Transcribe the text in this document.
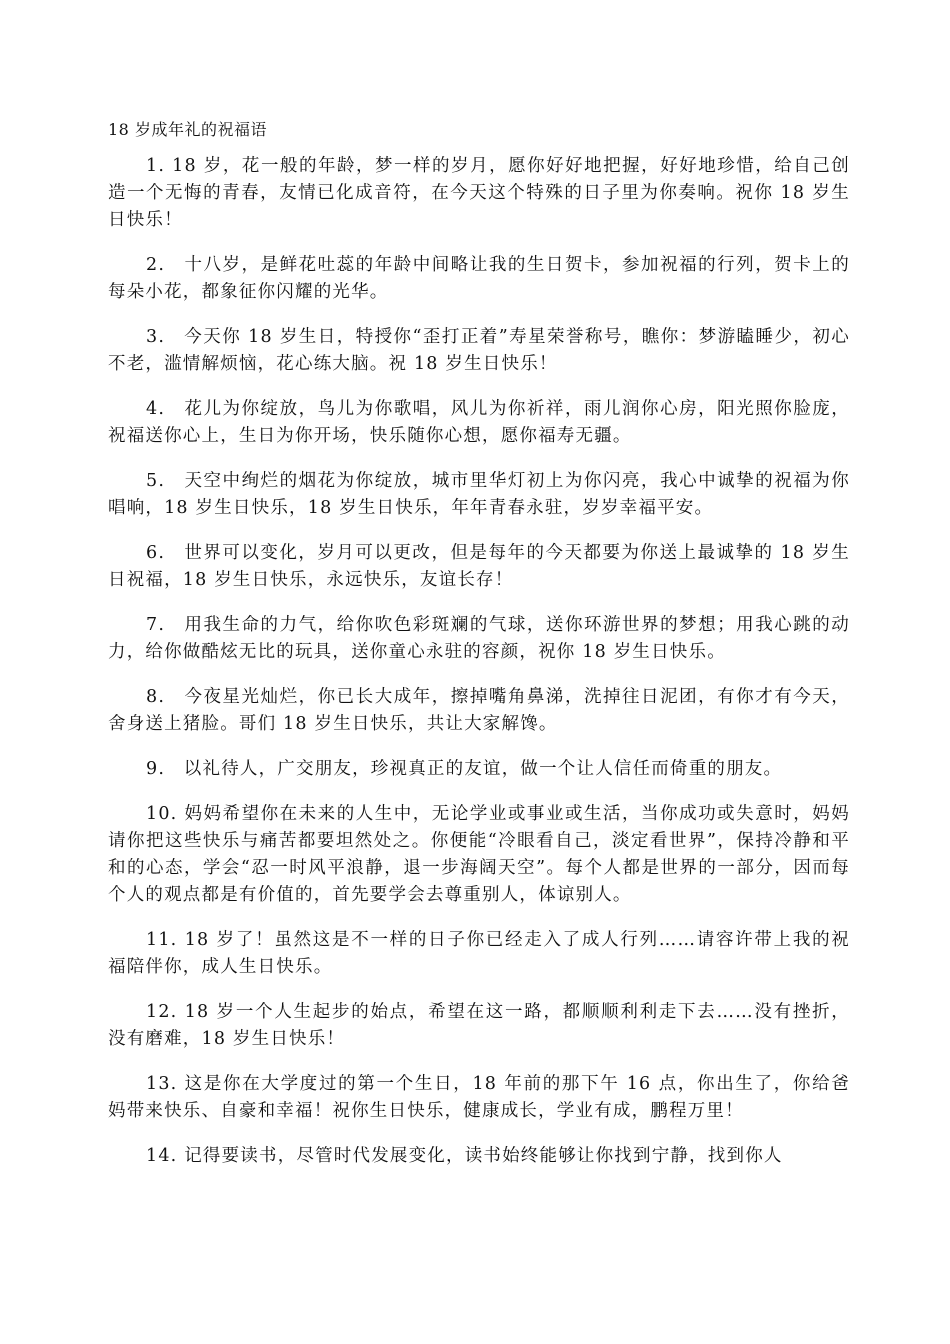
18 岁成年礼的祝福语

1. 18 岁，花一般的年龄，梦一样的岁月，愿你好好地把握，好好地珍惜，给自己创造一个无悔的青春，友情已化成音符，在今天这个特殊的日子里为你奏响。祝你 18 岁生日快乐！

2.　十八岁，是鲜花吐蕊的年龄中间略让我的生日贺卡，参加祝福的行列，贺卡上的每朵小花，都象征你闪耀的光华。

3.　今天你 18 岁生日，特授你“歪打正着”寿星荣誉称号，瞧你：梦游瞌睡少，初心不老，滥情解烦恼，花心练大脑。祝 18 岁生日快乐！

4.　花儿为你绽放，鸟儿为你歌唱，风儿为你祈祥，雨儿润你心房，阳光照你脸庞，祝福送你心上，生日为你开场，快乐随你心想，愿你福寿无疆。

5.　天空中绚烂的烟花为你绽放，城市里华灯初上为你闪亮，我心中诚挚的祝福为你唱响，18 岁生日快乐，18 岁生日快乐，年年青春永驻，岁岁幸福平安。

6.　世界可以变化，岁月可以更改，但是每年的今天都要为你送上最诚挚的 18 岁生日祝福，18 岁生日快乐，永远快乐，友谊长存！

7.　用我生命的力气，给你吹色彩斑斓的气球，送你环游世界的梦想；用我心跳的动力，给你做酷炫无比的玩具，送你童心永驻的容颜，祝你 18 岁生日快乐。

8.　今夜星光灿烂，你已长大成年，擦掉嘴角鼻涕，洗掉往日泥团，有你才有今天，舍身送上猪脸。哥们 18 岁生日快乐，共让大家解馋。

9.　以礼待人，广交朋友，珍视真正的友谊，做一个让人信任而倚重的朋友。

10. 妈妈希望你在未来的人生中，无论学业或事业或生活，当你成功或失意时，妈妈请你把这些快乐与痛苦都要坦然处之。你便能“冷眼看自己，淡定看世界”，保持冷静和平和的心态，学会“忍一时风平浪静，退一步海阔天空”。每个人都是世界的一部分，因而每个人的观点都是有价值的，首先要学会去尊重别人，体谅别人。

11. 18 岁了！虽然这是不一样的日子你已经走入了成人行列……请容许带上我的祝福陪伴你，成人生日快乐。

12. 18 岁一个人生起步的始点，希望在这一路，都顺顺利利走下去……没有挫折，没有磨难，18 岁生日快乐！

13. 这是你在大学度过的第一个生日，18 年前的那下午 16 点，你出生了，你给爸妈带来快乐、自豪和幸福！祝你生日快乐，健康成长，学业有成，鹏程万里！

14. 记得要读书，尽管时代发展变化，读书始终能够让你找到宁静，找到你人
